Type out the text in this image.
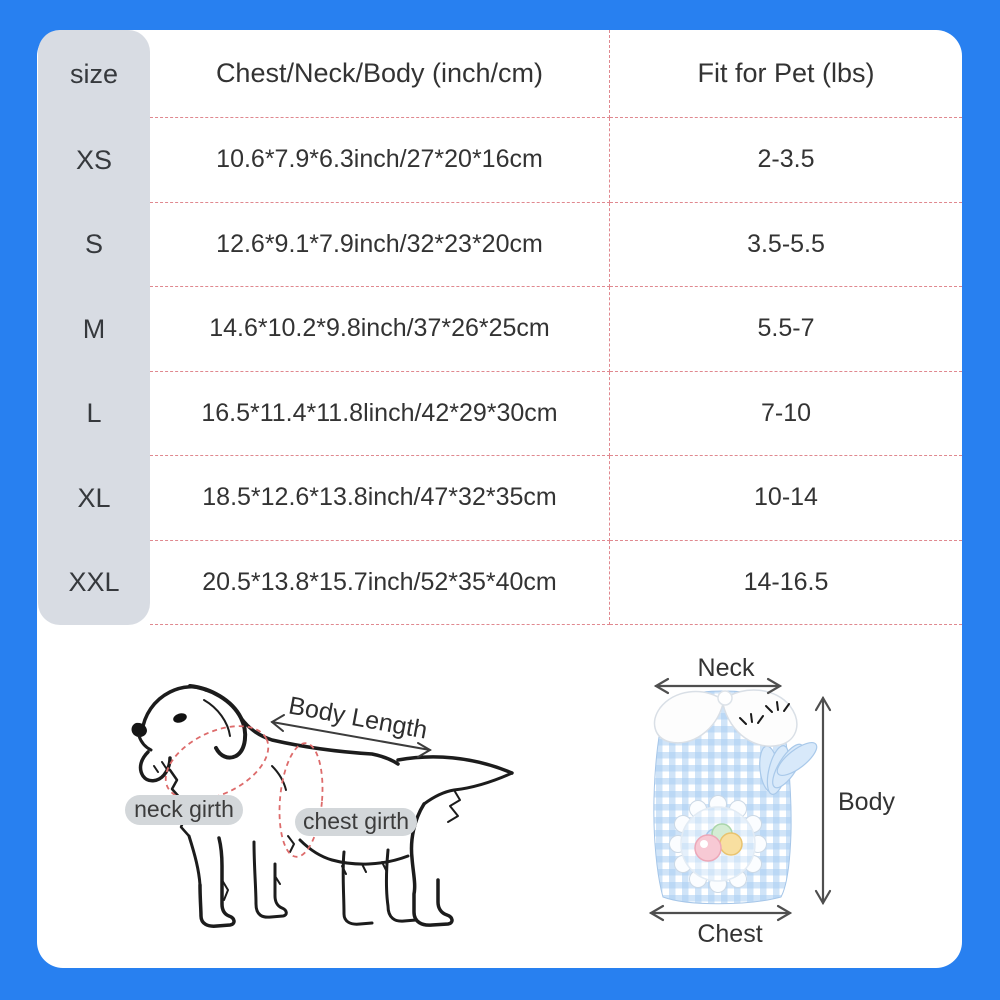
size	Chest/Neck/Body (inch/cm)	Fit for Pet (lbs)
XS	10.6*7.9*6.3inch/27*20*16cm	2-3.5
S	12.6*9.1*7.9inch/32*23*20cm	3.5-5.5
M	14.6*10.2*9.8inch/37*26*25cm	5.5-7
L	16.5*11.4*11.8linch/42*29*30cm	7-10
XL	18.5*12.6*13.8inch/47*32*35cm	10-14
XXL	20.5*13.8*15.7inch/52*35*40cm	14-16.5
Body Length
neck girth	chest girth
Neck
Body
Chest
